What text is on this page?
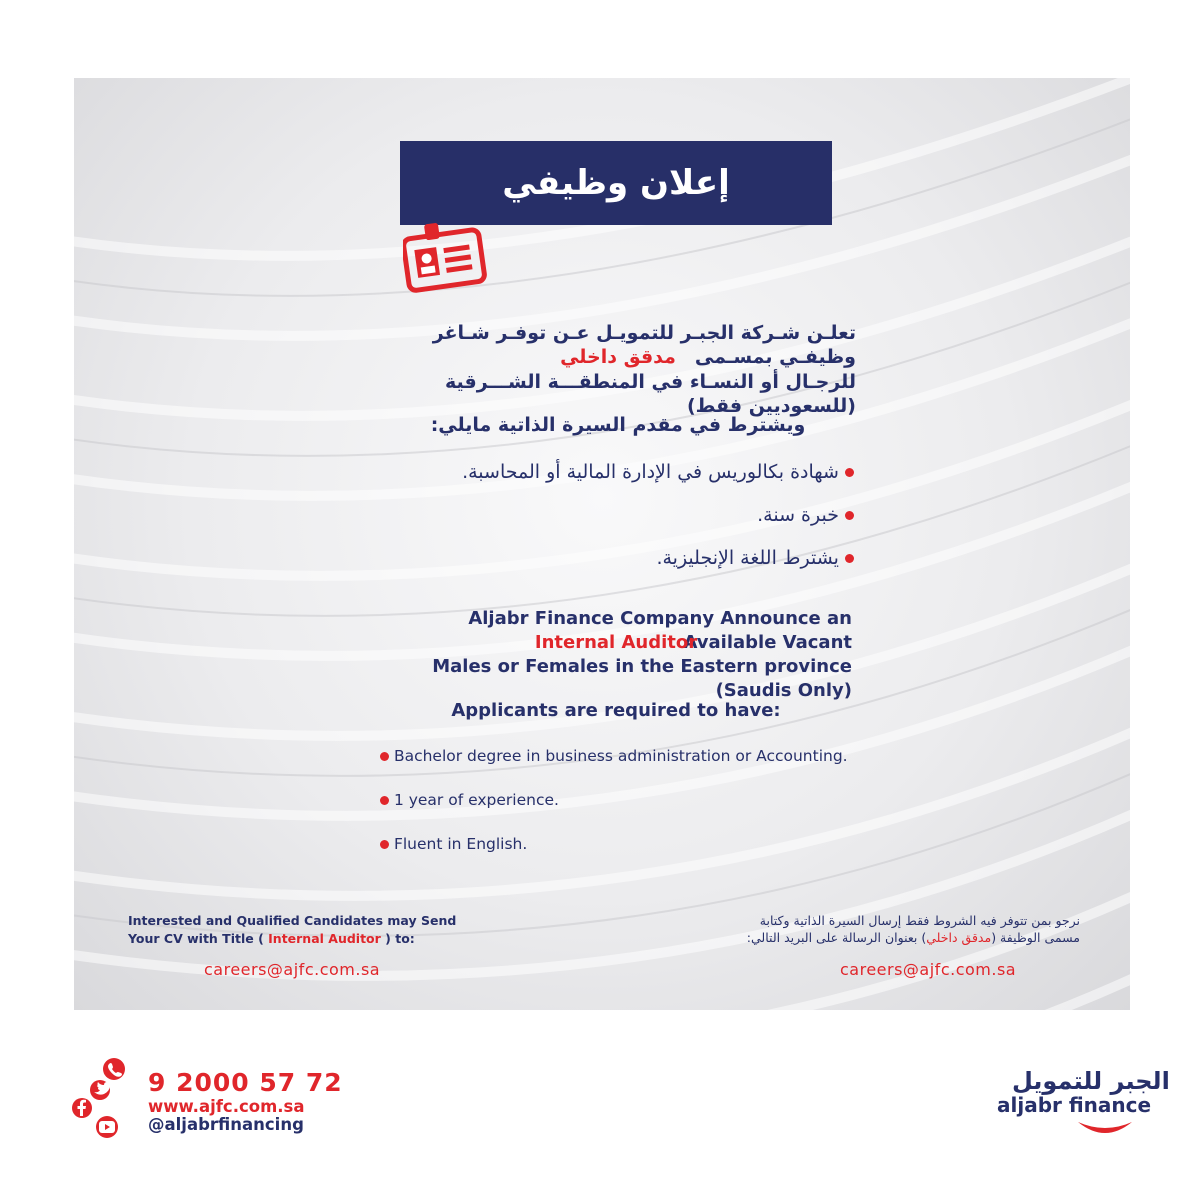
إعلان وظيفي
تعلـن شـركة الجبـر للتمويـل عـن توفـر شـاغر وظيفـي بمسـمى
مدقق داخلي
للرجـال أو النسـاء في المنطقـــة الشـــرقية (للسعوديين فقط)
ويشترط في مقدم السيرة الذاتية مايلي:
شهادة بكالوريس في الإدارة المالية أو المحاسبة.
خبرة سنة.
يشترط اللغة الإنجليزية.
Aljabr Finance Company Announce an Available Vacant
Internal Auditor
Males or Females in the Eastern province (Saudis Only)
Applicants are required to have:
Bachelor degree in business administration or Accounting.
1 year of experience.
Fluent in English.
Interested and Qualified Candidates may Send
Your CV with Title ( Internal Auditor ) to:
careers@ajfc.com.sa
نرجو بمن تتوفر فيه الشروط فقط إرسال السيرة الذاتية وكتابة
مسمى الوظيفة (مدقق داخلي) بعنوان الرسالة على البريد التالي:
careers@ajfc.com.sa
9 2000 57 72
www.ajfc.com.sa
@aljabrfinancing
الجبر للتمويل
aljabr finance
